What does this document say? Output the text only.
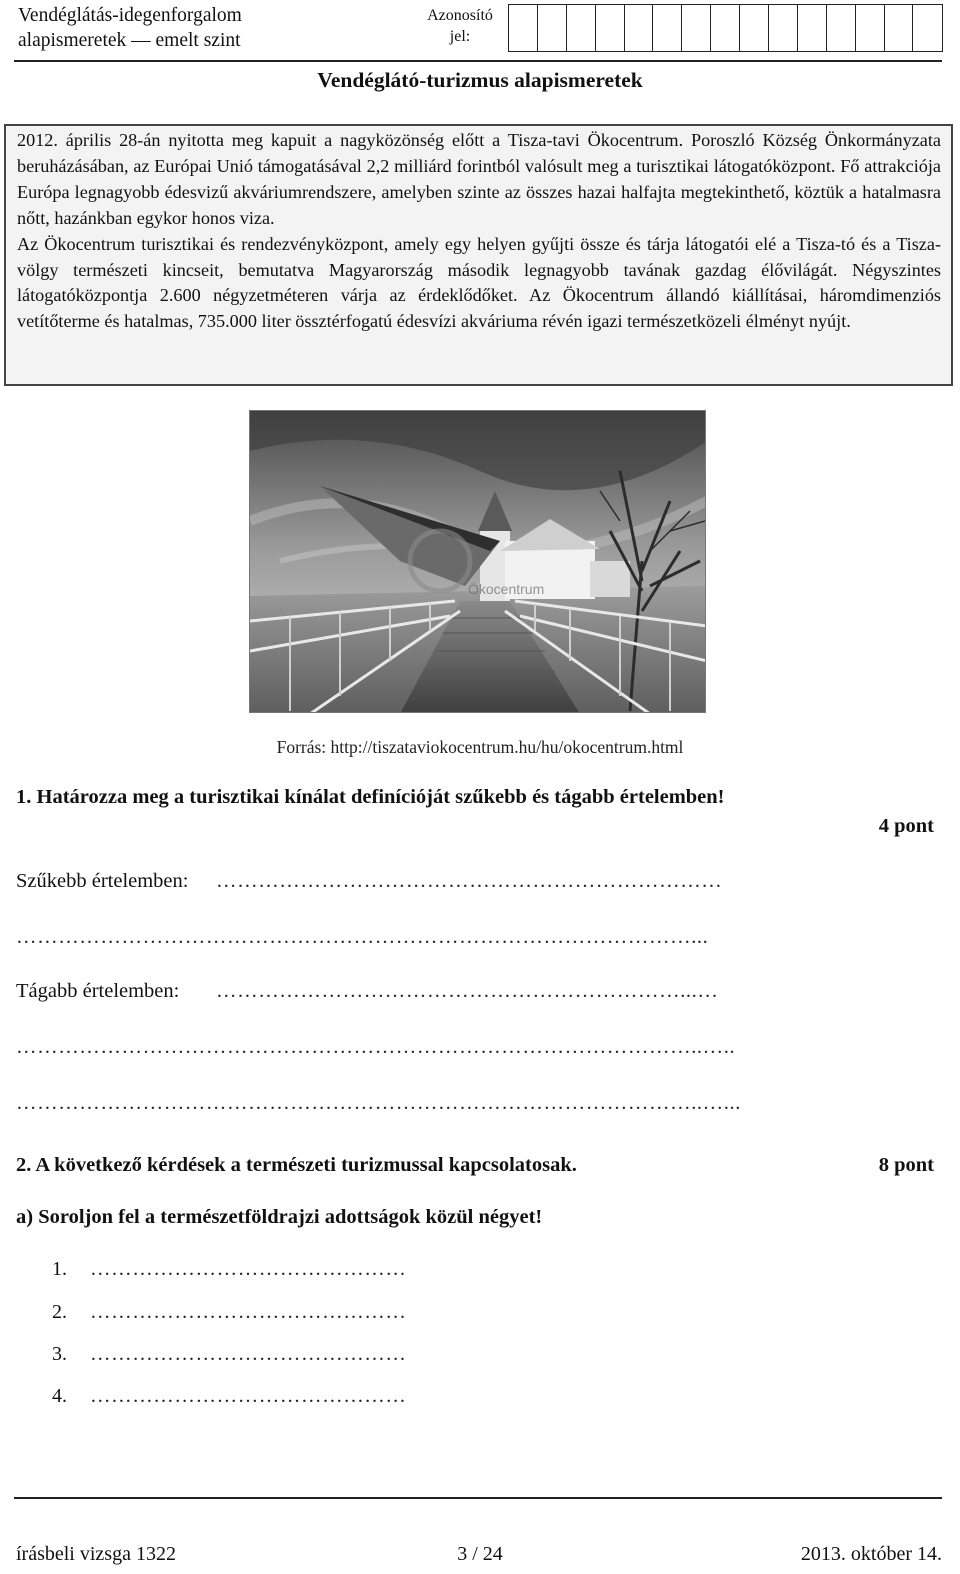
Vendéglátás-idegenforgalom
alapismeretek — emelt szint
Azonosító
jel:
Vendéglátó-turizmus alapismeretek

2012. április 28-án nyitotta meg kapuit a nagyközönség előtt a Tisza-tavi Ökocentrum. Poroszló Község Önkormányzata beruházásában, az Európai Unió támogatásával 2,2 milliárd forintból valósult meg a turisztikai látogatóközpont. Fő attrakciója Európa legnagyobb édesvizű akváriumrendszere, amelyben szinte az összes hazai halfajta megtekinthető, köztük a hatalmasra nőtt, hazánkban egykor honos viza.

Az Ökocentrum turisztikai és rendezvényközpont, amely egy helyen gyűjti össze és tárja látogatói elé a Tisza-tó és a Tisza-völgy természeti kincseit, bemutatva Magyarország második legnagyobb tavának gazdag élővilágát. Négyszintes látogatóközpontja 2.600 négyzetméteren várja az érdeklődőket. Az Ökocentrum állandó kiállításai, háromdimenziós vetítőterme és hatalmas, 735.000 liter össztérfogatú édesvízi akváriuma révén igazi természetközeli élményt nyújt.

Ökocentrum
Forrás: http://tiszataviokocentrum.hu/hu/okocentrum.html
1. Határozza meg a turisztikai kínálat definícióját szűkebb és tágabb értelemben!
4 pont
Szűkebb értelemben: ………………………………………………………………
……………………………………………………………………………………...
Tágabb értelemben: …………………………………………………………...…
……………………………………………………………………………………..…..
……………………………………………………………………………………..…...
2. A következő kérdések a természeti turizmussal kapcsolatosak.	8 pont
a) Soroljon fel a természetföldrajzi adottságok közül négyet!
1. ………………………………………
2. ………………………………………
3. ………………………………………
4. ………………………………………
írásbeli vizsga 1322	3 / 24	2013. október 14.
